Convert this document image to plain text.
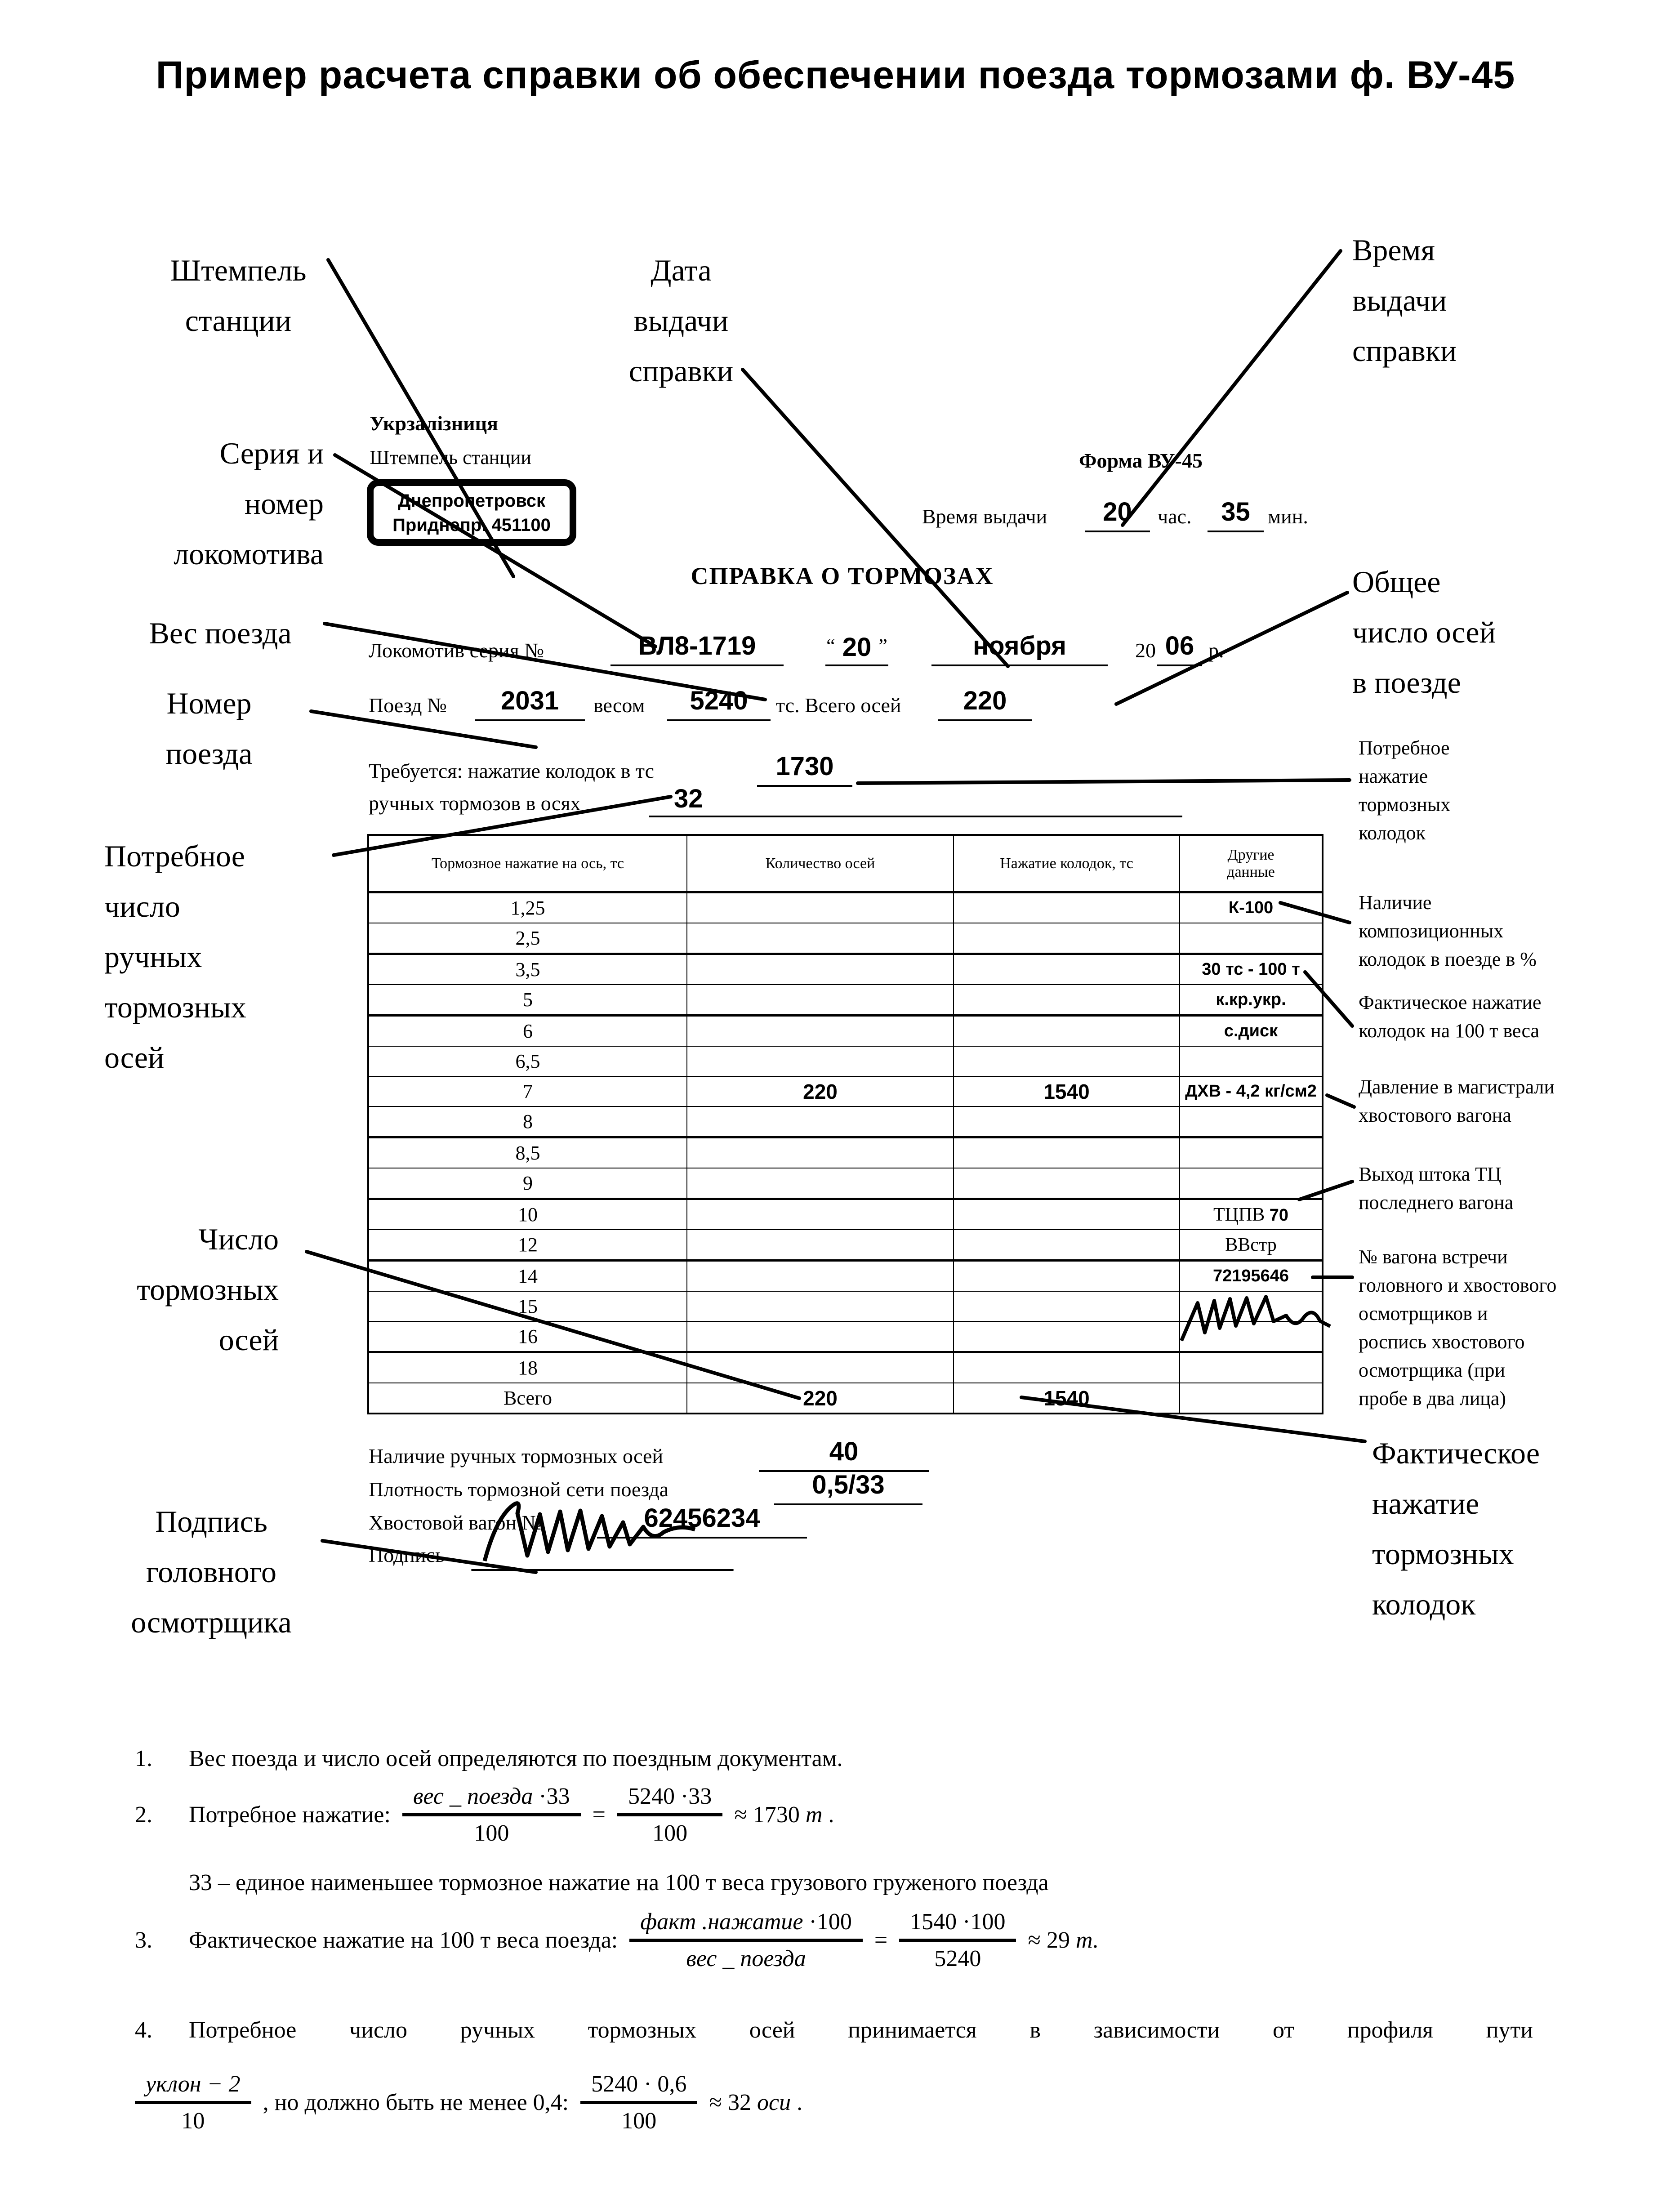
Пример расчета справки об обеспечении поезда тормозами ф. ВУ-45
Штемпель
станции
Дата
выдачи
справки
Серия и
номер
локомотива
Вес поезда
Номер
поезда
Потребное
число
ручных
тормозных
осей
Число
тормозных
осей
Подпись
головного
осмотрщика
Время
выдачи
справки
Общее
число осей
в поезде
Потребное
нажатие
тормозных
колодок
Наличие
композиционных
колодок в поезде в %
Фактическое нажатие
колодок на 100 т веса
Давление в магистрали
хвостового вагона
Выход штока ТЦ
последнего вагона
№ вагона встречи
головного и хвостового
осмотрщиков и
роспись хвостового
осмотрщика (при
пробе в два лица)
Фактическое
нажатие
тормозных
колодок
Укрзалізниця
Штемпель станции
Днепропетровск
Приднепр. 451100
Форма ВУ-45
Время выдачи	20	час.	35 мин.
СПРАВКА О ТОРМОЗАХ
Локомотив серия №	ВЛ8-1719	“ 20 ”	ноября	20 06 р.
Поезд №	2031	весом	5240	тс. Всего осей	220
Требуется: нажатие колодок в тс	1730
ручных тормозов в осях	32
Тормозное нажатие на ось, тс	Количество осей	Нажатие колодок, тс	Другие данные
1,25			К-100
2,5			
3,5			30 тс - 100 т
5			к.кр.укр.
6			с.диск
6,5			
7	220	1540	ДХВ - 4,2 кг/см2
8			
8,5			
9			
10			ТЦПВ 70
12			ВВстр
14			72195646
15			
16			
18			
Всего	220	1540	
Наличие ручных тормозных осей	40
Плотность тормозной сети поезда	0,5/33
Хвостовой вагон №	62456234
Подпись
1. Вес поезда и число осей определяются по поездным документам.
2.	Потребное нажатие: $\frac{\text{вес \_ поезда ·33}}{100} = \frac{5240 \cdot 33}{100} \approx 1730$ т .
33 – единое наименьшее тормозное нажатие на 100 т веса грузового груженого поезда
3.	Фактическое нажатие на 100 т веса поезда: $\frac{\text{факт .нажатие ·100}}{\text{вес \_ поезда}} = \frac{1540 \cdot 100}{5240} \approx 29$ т.
4. Потребное число ручных тормозных осей принимается в зависимости от профиля пути
$\frac{\text{уклон − 2}}{10}$ , но должно быть не менее 0,4: $\frac{5240 \cdot 0,6}{100} \approx 32$ оси .
